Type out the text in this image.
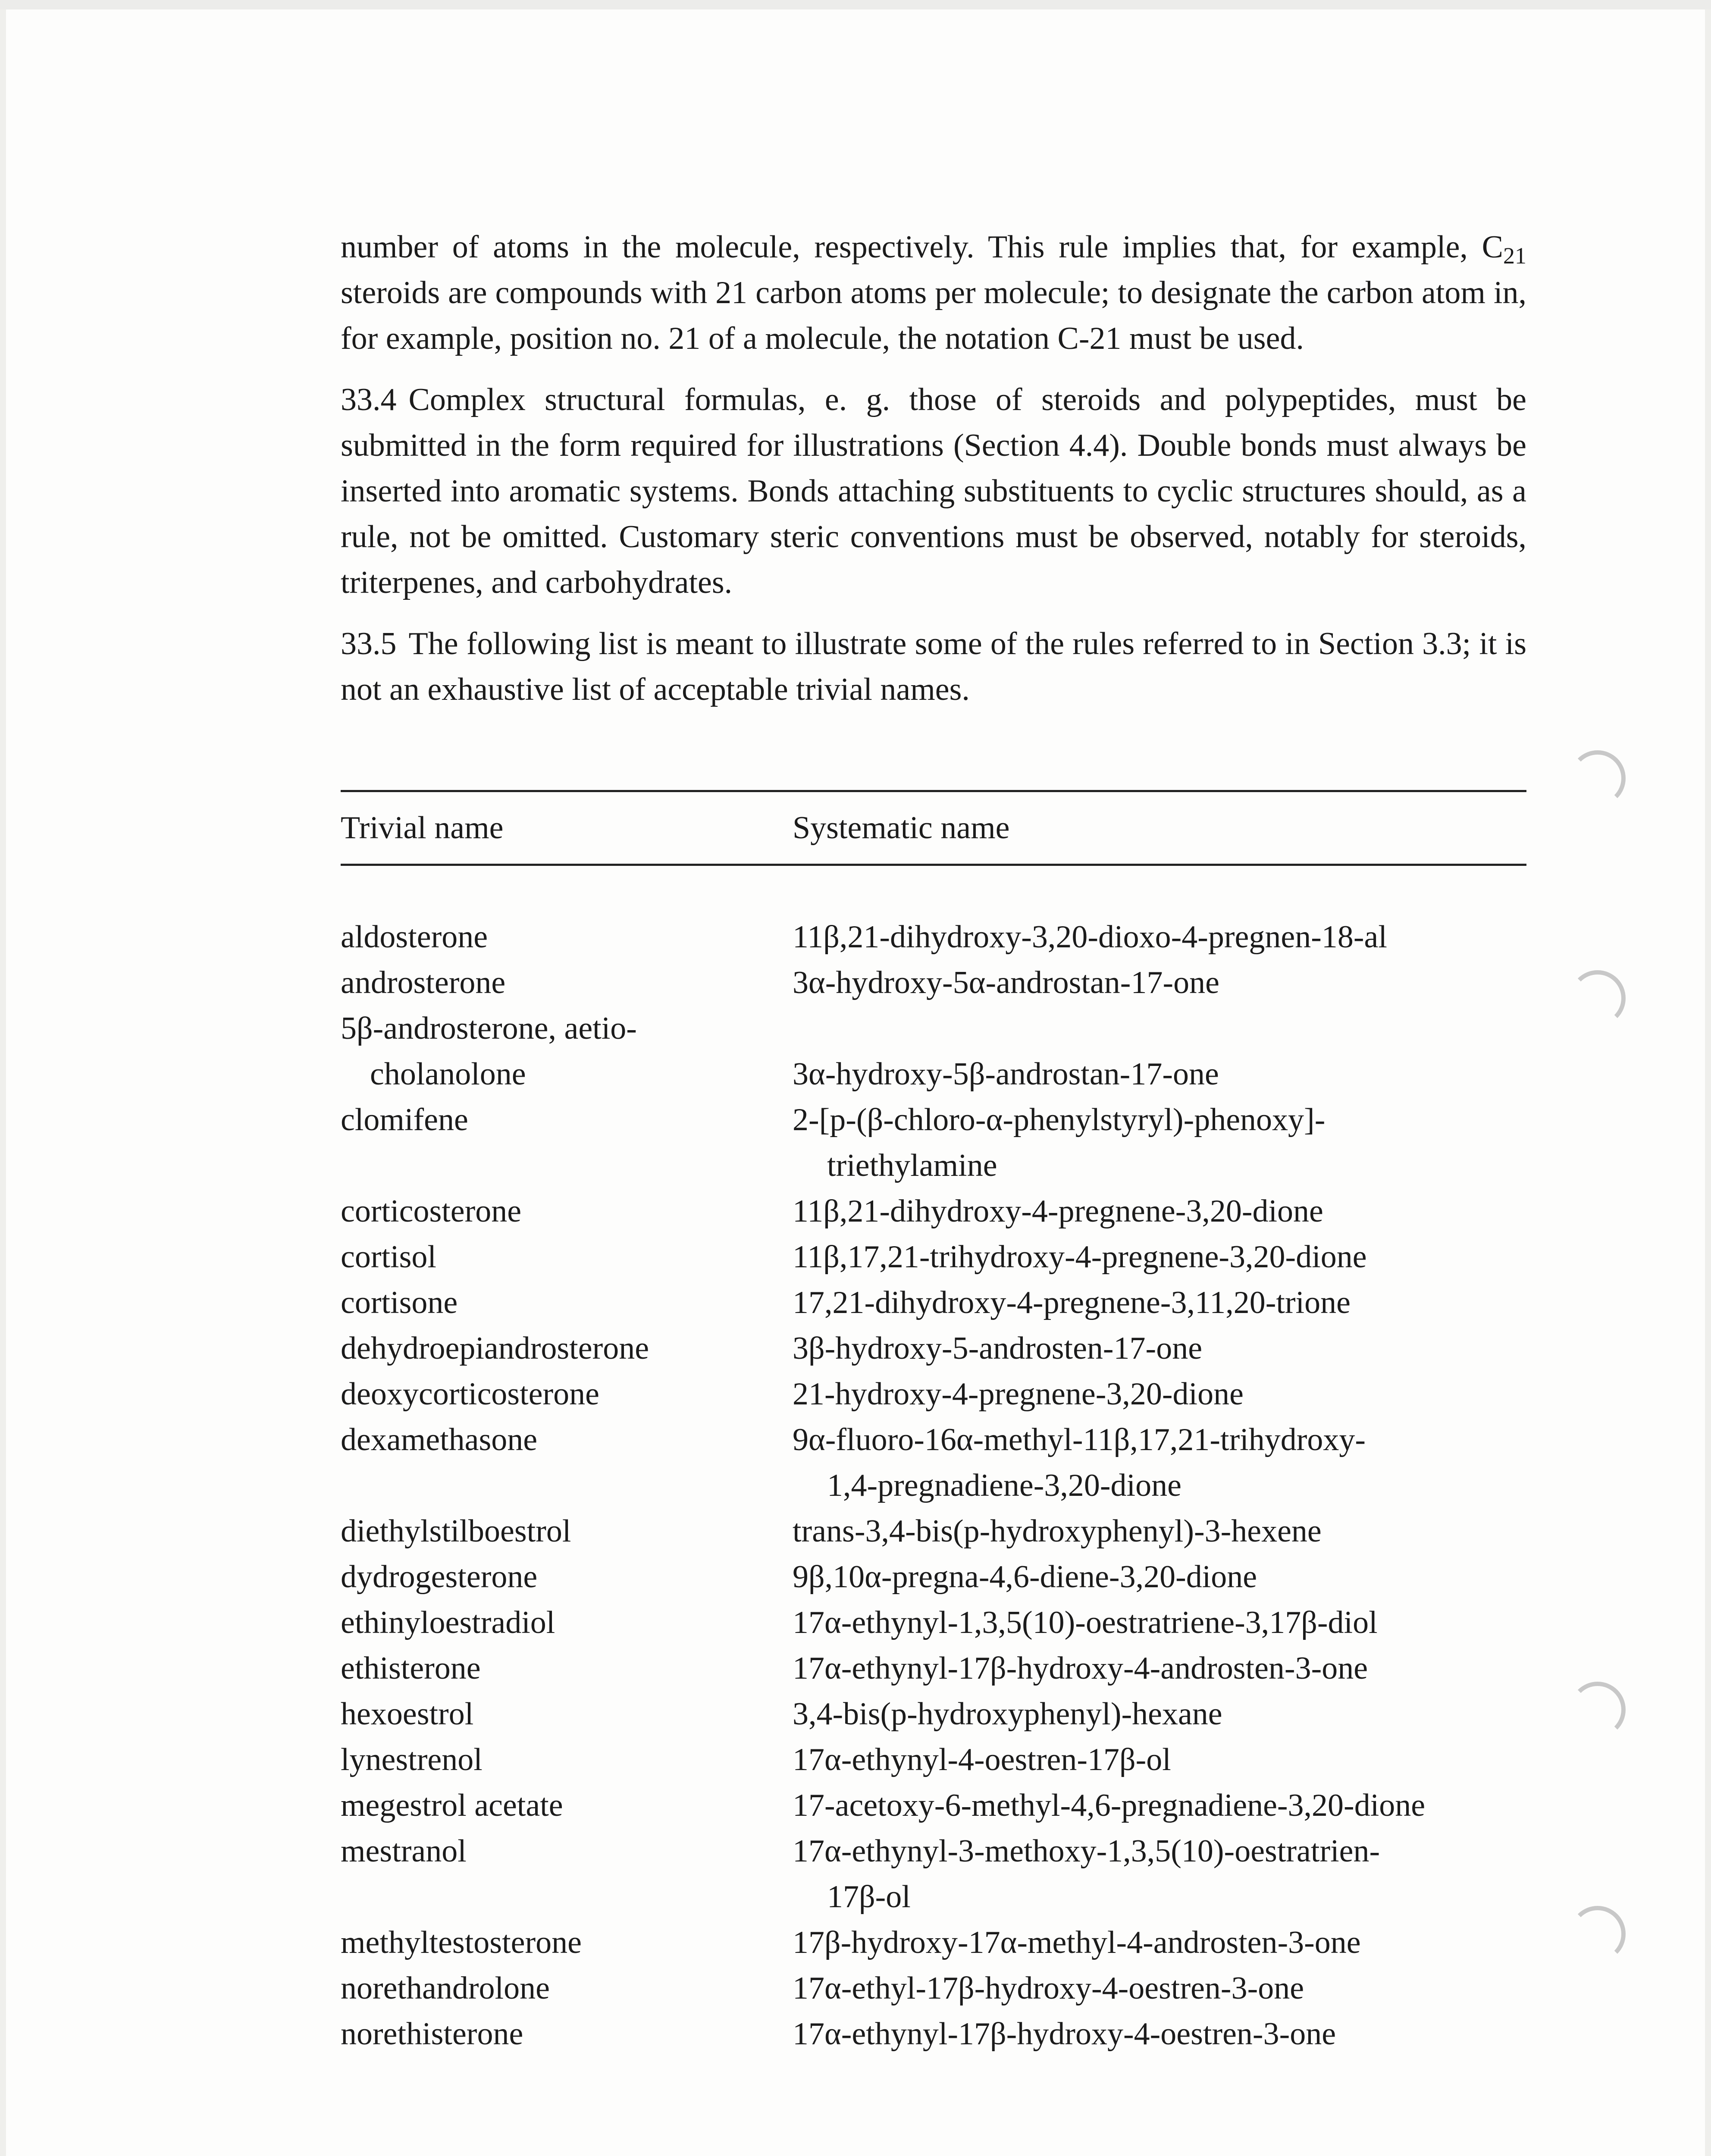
number of atoms in the molecule, respectively. This rule implies that, for example, $C_{21}$ steroids are compounds with 21 carbon atoms per molecule; to designate the carbon atom in, for example, position no. 21 of a molecule, the notation C-21 must be used.

33.4 Complex structural formulas, e. g. those of steroids and polypeptides, must be submitted in the form required for illustrations (Section 4.4). Double bonds must always be inserted into aromatic systems. Bonds attaching substituents to cyclic structures should, as a rule, not be omitted. Customary steric conventions must be observed, notably for steroids, triterpenes, and carbohydrates.

33.5 The following list is meant to illustrate some of the rules referred to in Section 3.3; it is not an exhaustive list of acceptable trivial names.

Trivial name	Systematic name

aldosterone	11β,21-dihydroxy-3,20-dioxo-4-pregnen-18-al

androsterone	3α-hydroxy-5α-androstan-17-one

5β-androsterone, aetio-
cholanolone	3α-hydroxy-5β-androstan-17-one

clomifene	2-[p-(β-chloro-α-phenylstyryl)-phenoxy]-
triethylamine

corticosterone	11β,21-dihydroxy-4-pregnene-3,20-dione

cortisol	11β,17,21-trihydroxy-4-pregnene-3,20-dione

cortisone	17,21-dihydroxy-4-pregnene-3,11,20-trione

dehydroepiandrosterone	3β-hydroxy-5-androsten-17-one

deoxycorticosterone	21-hydroxy-4-pregnene-3,20-dione

dexamethasone	9α-fluoro-16α-methyl-11β,17,21-trihydroxy-
1,4-pregnadiene-3,20-dione

diethylstilboestrol	trans-3,4-bis(p-hydroxyphenyl)-3-hexene

dydrogesterone	9β,10α-pregna-4,6-diene-3,20-dione

ethinyloestradiol	17α-ethynyl-1,3,5(10)-oestratriene-3,17β-diol

ethisterone	17α-ethynyl-17β-hydroxy-4-androsten-3-one

hexoestrol	3,4-bis(p-hydroxyphenyl)-hexane

lynestrenol	17α-ethynyl-4-oestren-17β-ol

megestrol acetate	17-acetoxy-6-methyl-4,6-pregnadiene-3,20-dione

mestranol	17α-ethynyl-3-methoxy-1,3,5(10)-oestratrien-
17β-ol

methyltestosterone	17β-hydroxy-17α-methyl-4-androsten-3-one

norethandrolone	17α-ethyl-17β-hydroxy-4-oestren-3-one

norethisterone	17α-ethynyl-17β-hydroxy-4-oestren-3-one
